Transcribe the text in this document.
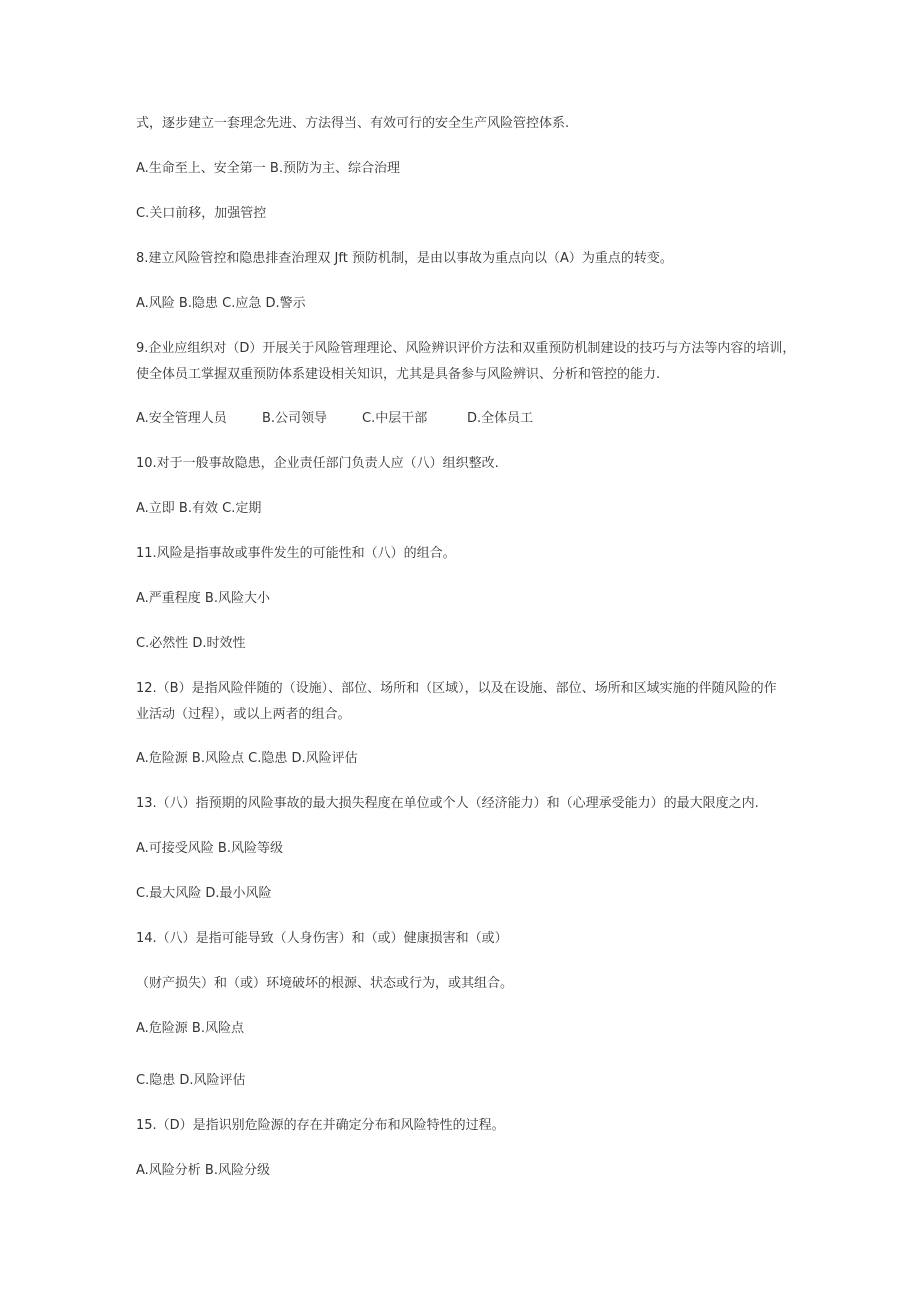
式，逐步建立一套理念先进、方法得当、有效可行的安全生产风险管控体系.
A.生命至上、安全第一 B.预防为主、综合治理
C.关口前移，加强管控
8.建立风险管控和隐患排查治理双 Jft 预防机制，是由以事故为重点向以（A）为重点的转变。
A.风险 B.隐患 C.应急 D.警示
9.企业应组织对（D）开展关于风险管理理论、风险辨识评价方法和双重预防机制建设的技巧与方法等内容的培训，
使全体员工掌握双重预防体系建设相关知识，尤其是具备参与风险辨识、分析和管控的能力.
A.安全管理人员	B.公司领导	C.中层干部	D.全体员工
10.对于一般事故隐患，企业责任部门负责人应（八）组织整改.
A.立即 B.有效 C.定期
11.风险是指事故或事件发生的可能性和（八）的组合。
A.严重程度 B.风险大小
C.必然性 D.时效性
12.（B）是指风险伴随的（设施）、部位、场所和（区域），以及在设施、部位、场所和区域实施的伴随风险的作
业活动（过程），或以上两者的组合。
A.危险源 B.风险点 C.隐患 D.风险评估
13.（八）指预期的风险事故的最大损失程度在单位或个人（经济能力）和（心理承受能力）的最大限度之内.
A.可接受风险 B.风险等级
C.最大风险 D.最小风险
14.（八）是指可能导致（人身伤害）和（或）健康损害和（或）
（财产损失）和（或）环境破坏的根源、状态或行为，或其组合。
A.危险源 B.风险点
C.隐患 D.风险评估
15.（D）是指识别危险源的存在并确定分布和风险特性的过程。
A.风险分析 B.风险分级
